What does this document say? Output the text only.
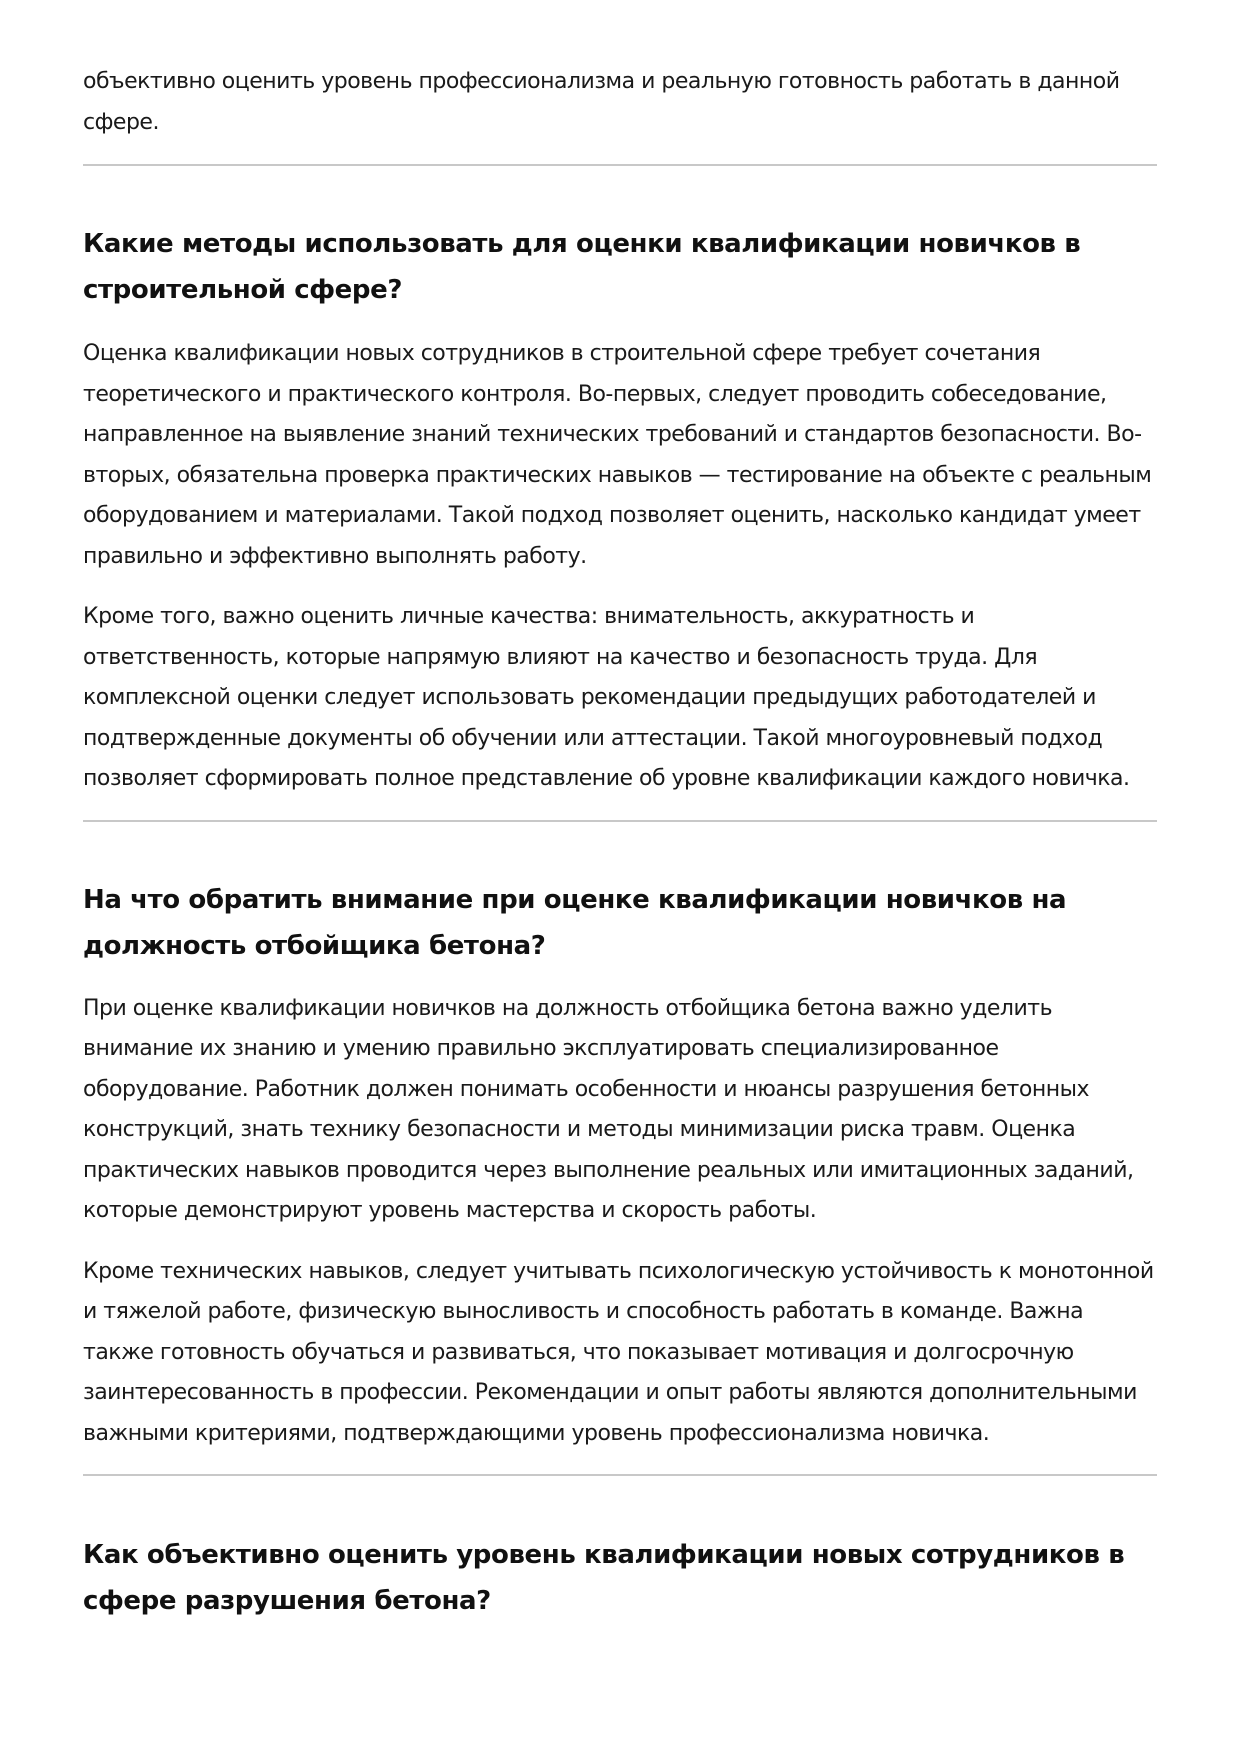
объективно оценить уровень профессионализма и реальную готовность работать в данной сфере.

Какие методы использовать для оценки квалификации новичков в строительной сфере?

Оценка квалификации новых сотрудников в строительной сфере требует сочетания теоретического и практического контроля. Во-первых, следует проводить собеседование, направленное на выявление знаний технических требований и стандартов безопасности. Во-вторых, обязательна проверка практических навыков — тестирование на объекте с реальным оборудованием и материалами. Такой подход позволяет оценить, насколько кандидат умеет правильно и эффективно выполнять работу.

Кроме того, важно оценить личные качества: внимательность, аккуратность и ответственность, которые напрямую влияют на качество и безопасность труда. Для комплексной оценки следует использовать рекомендации предыдущих работодателей и подтвержденные документы об обучении или аттестации. Такой многоуровневый подход позволяет сформировать полное представление об уровне квалификации каждого новичка.

На что обратить внимание при оценке квалификации новичков на должность отбойщика бетона?

При оценке квалификации новичков на должность отбойщика бетона важно уделить внимание их знанию и умению правильно эксплуатировать специализированное оборудование. Работник должен понимать особенности и нюансы разрушения бетонных конструкций, знать технику безопасности и методы минимизации риска травм. Оценка практических навыков проводится через выполнение реальных или имитационных заданий, которые демонстрируют уровень мастерства и скорость работы.

Кроме технических навыков, следует учитывать психологическую устойчивость к монотонной и тяжелой работе, физическую выносливость и способность работать в команде. Важна также готовность обучаться и развиваться, что показывает мотивация и долгосрочную заинтересованность в профессии. Рекомендации и опыт работы являются дополнительными важными критериями, подтверждающими уровень профессионализма новичка.

Как объективно оценить уровень квалификации новых сотрудников в сфере разрушения бетона?
